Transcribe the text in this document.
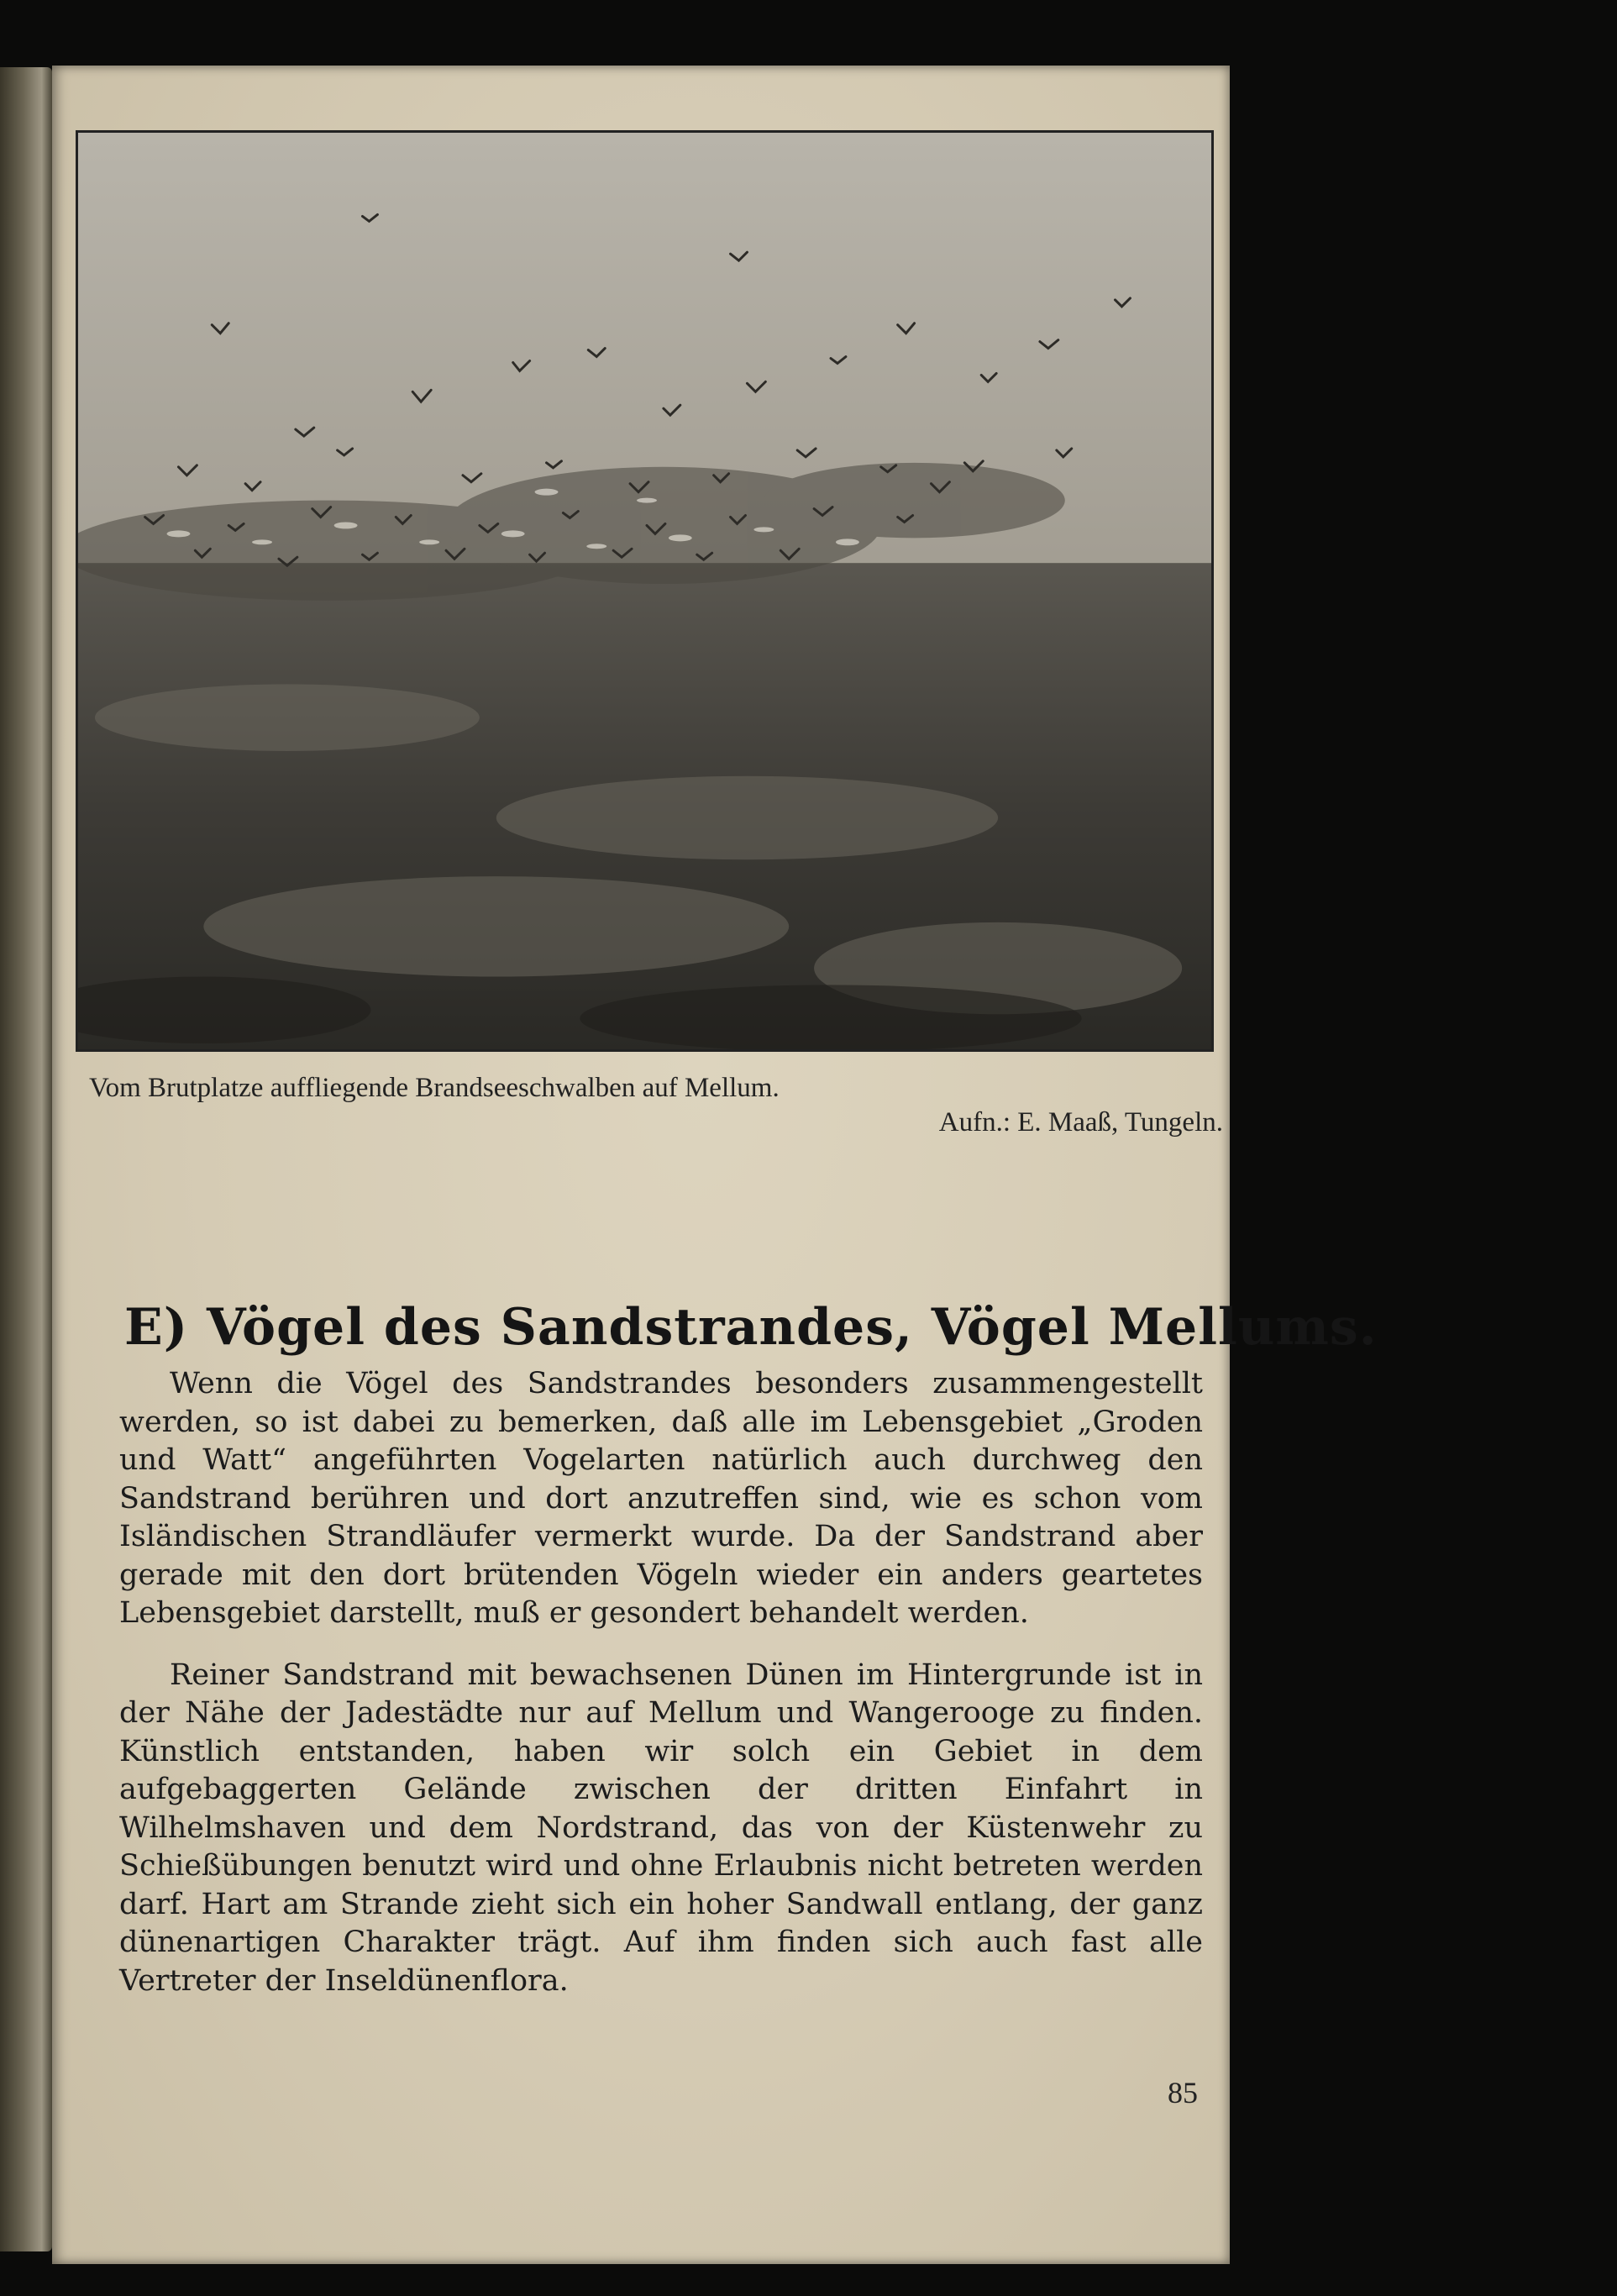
Vom Brutplatze auffliegende Brandseeschwalben auf Mellum.
Aufn.: E. Maaß, Tungeln.
E) Vögel des Sandstrandes, Vögel Mellums.

Wenn die Vögel des Sandstrandes besonders zusammengestellt werden, so ist dabei zu bemerken, daß alle im Lebensgebiet „Groden und Watt“ angeführten Vogelarten natürlich auch durchweg den Sandstrand berühren und dort anzutreffen sind, wie es schon vom Isländischen Strandläufer vermerkt wurde. Da der Sandstrand aber gerade mit den dort brütenden Vögeln wieder ein anders geartetes Lebensgebiet darstellt, muß er gesondert behandelt werden.

Reiner Sandstrand mit bewachsenen Dünen im Hintergrunde ist in der Nähe der Jadestädte nur auf Mellum und Wangerooge zu finden. Künstlich entstanden, haben wir solch ein Gebiet in dem aufgebaggerten Gelände zwischen der dritten Einfahrt in Wilhelmshaven und dem Nordstrand, das von der Küstenwehr zu Schießübungen benutzt wird und ohne Erlaubnis nicht betreten werden darf. Hart am Strande zieht sich ein hoher Sandwall entlang, der ganz dünenartigen Charakter trägt. Auf ihm finden sich auch fast alle Vertreter der Inseldünenflora.

85
